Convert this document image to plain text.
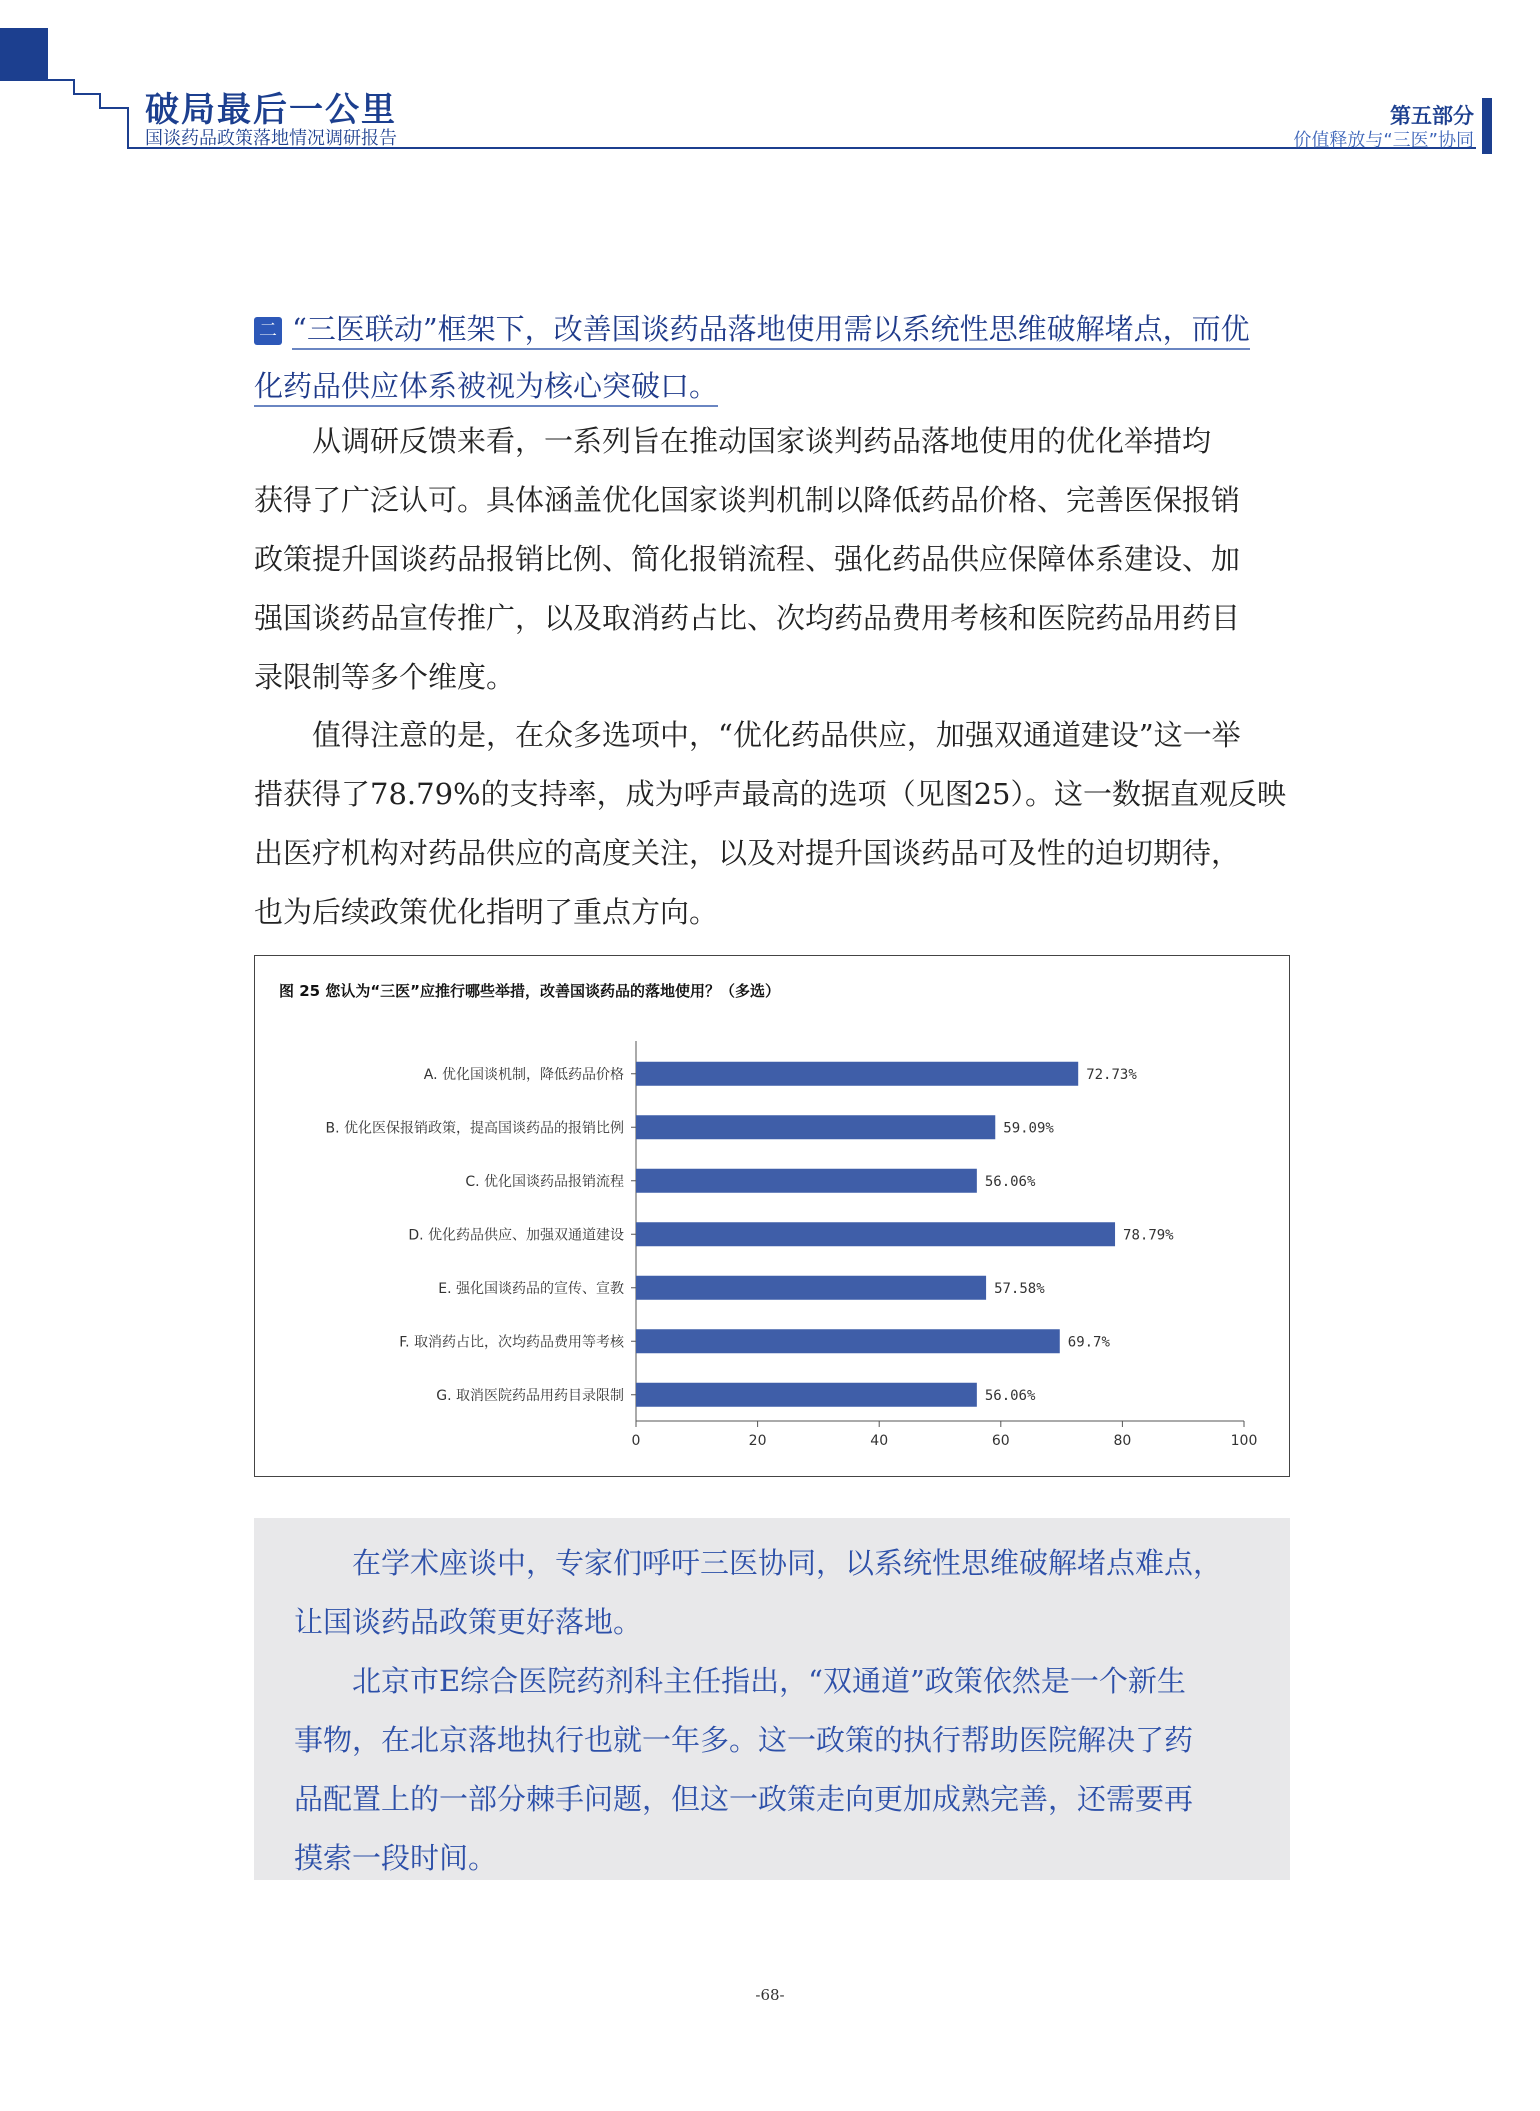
破局最后一公里
国谈药品政策落地情况调研报告
第五部分
价值释放与“三医”协同
二 “三医联动”框架下，改善国谈药品落地使用需以系统性思维破解堵点，而优
化药品供应体系被视为核心突破口。
从调研反馈来看，一系列旨在推动国家谈判药品落地使用的优化举措均
获得了广泛认可。具体涵盖优化国家谈判机制以降低药品价格、完善医保报销
政策提升国谈药品报销比例、简化报销流程、强化药品供应保障体系建设、加
强国谈药品宣传推广，以及取消药占比、次均药品费用考核和医院药品用药目
录限制等多个维度。
值得注意的是，在众多选项中，“优化药品供应，加强双通道建设”这一举
措获得了78.79%的支持率，成为呼声最高的选项（见图25）。这一数据直观反映
出医疗机构对药品供应的高度关注，以及对提升国谈药品可及性的迫切期待，
也为后续政策优化指明了重点方向。
图 25 您认为“三医”应推行哪些举措，改善国谈药品的落地使用？（多选）
A. 优化国谈机制，降低药品价格	72.73%
B. 优化医保报销政策，提高国谈药品的报销比例	59.09%
C. 优化国谈药品报销流程	56.06%
D. 优化药品供应、加强双通道建设	78.79%
E. 强化国谈药品的宣传、宣教	57.58%
F. 取消药占比，次均药品费用等考核	69.7%
G. 取消医院药品用药目录限制	56.06%
0	20	40	60	80	100
在学术座谈中，专家们呼吁三医协同，以系统性思维破解堵点难点，
让国谈药品政策更好落地。
北京市E综合医院药剂科主任指出，“双通道”政策依然是一个新生
事物，在北京落地执行也就一年多。这一政策的执行帮助医院解决了药
品配置上的一部分棘手问题，但这一政策走向更加成熟完善，还需要再
摸索一段时间。
-68-
